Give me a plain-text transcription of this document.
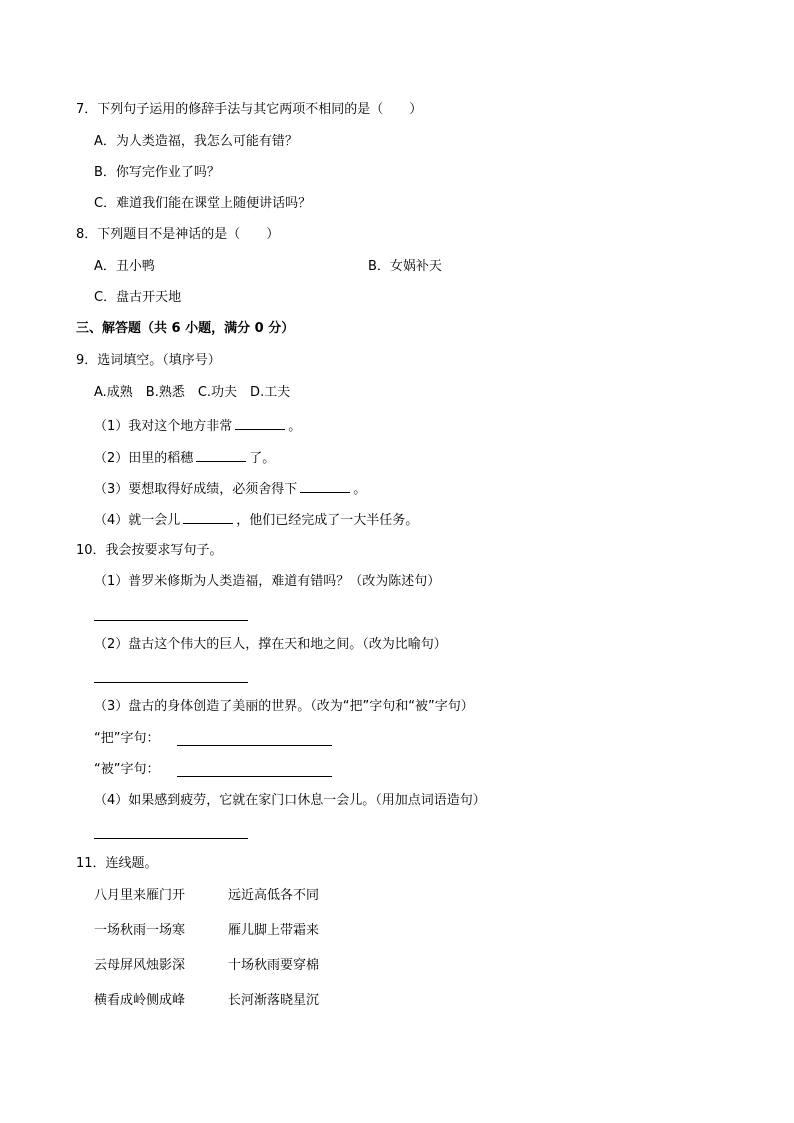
7．下列句子运用的修辞手法与其它两项不相同的是（　　）
A．为人类造福，我怎么可能有错？
B．你写完作业了吗？
C．难道我们能在课堂上随便讲话吗？
8．下列题目不是神话的是（　　）
A．丑小鸭	B．女娲补天
C．盘古开天地
三、解答题（共 6 小题，满分 0 分）
9．选词填空。（填序号）
A.成熟　B.熟悉　C.功夫　D.工夫
（1）我对这个地方非常	。
（2）田里的稻穗	了。
（3）要想取得好成绩，必须舍得下	。
（4）就一会儿	，他们已经完成了一大半任务。
10．我会按要求写句子。
（1）普罗米修斯为人类造福，难道有错吗？（改为陈述句）
（2）盘古这个伟大的巨人，撑在天和地之间。（改为比喻句）
（3）盘古的身体创造了美丽的世界。（改为“把”字句和“被”字句）
“把”字句：
“被”字句：
（4）如果感到疲劳，它就在家门口休息一会儿。（用加点词语造句）
11．连线题。
八月里来雁门开	远近高低各不同
一场秋雨一场寒	雁儿脚上带霜来
云母屏风烛影深	十场秋雨要穿棉
横看成岭侧成峰	长河渐落晓星沉
